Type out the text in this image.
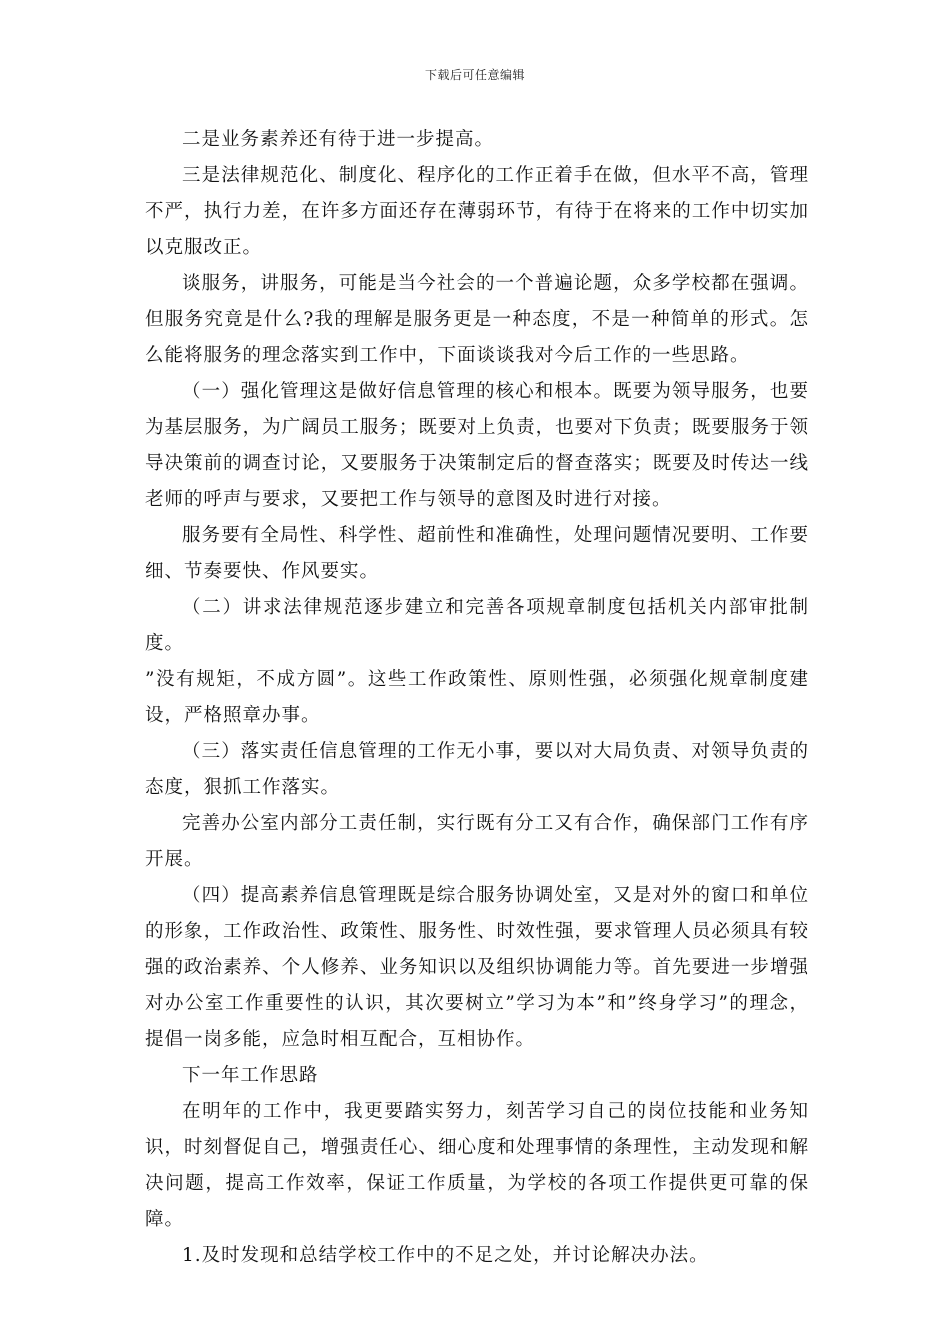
下载后可任意编辑

二是业务素养还有待于进一步提高。

三是法律规范化、制度化、程序化的工作正着手在做，但水平不高，管理不严，执行力差，在许多方面还存在薄弱环节，有待于在将来的工作中切实加以克服改正。

谈服务，讲服务，可能是当今社会的一个普遍论题，众多学校都在强调。但服务究竟是什么?我的理解是服务更是一种态度，不是一种简单的形式。怎么能将服务的理念落实到工作中，下面谈谈我对今后工作的一些思路。

（一）强化管理这是做好信息管理的核心和根本。既要为领导服务，也要为基层服务，为广阔员工服务；既要对上负责，也要对下负责；既要服务于领导决策前的调查讨论，又要服务于决策制定后的督查落实；既要及时传达一线老师的呼声与要求，又要把工作与领导的意图及时进行对接。

服务要有全局性、科学性、超前性和准确性，处理问题情况要明、工作要细、节奏要快、作风要实。

（二）讲求法律规范逐步建立和完善各项规章制度包括机关内部审批制度。

”没有规矩，不成方圆”。这些工作政策性、原则性强，必须强化规章制度建设，严格照章办事。

（三）落实责任信息管理的工作无小事，要以对大局负责、对领导负责的态度，狠抓工作落实。

完善办公室内部分工责任制，实行既有分工又有合作，确保部门工作有序开展。

（四）提高素养信息管理既是综合服务协调处室，又是对外的窗口和单位的形象，工作政治性、政策性、服务性、时效性强，要求管理人员必须具有较强的政治素养、个人修养、业务知识以及组织协调能力等。首先要进一步增强对办公室工作重要性的认识，其次要树立”学习为本”和”终身学习”的理念，提倡一岗多能，应急时相互配合，互相协作。

下一年工作思路

在明年的工作中，我更要踏实努力，刻苦学习自己的岗位技能和业务知识，时刻督促自己，增强责任心、细心度和处理事情的条理性，主动发现和解决问题，提高工作效率，保证工作质量，为学校的各项工作提供更可靠的保障。

1.及时发现和总结学校工作中的不足之处，并讨论解决办法。
